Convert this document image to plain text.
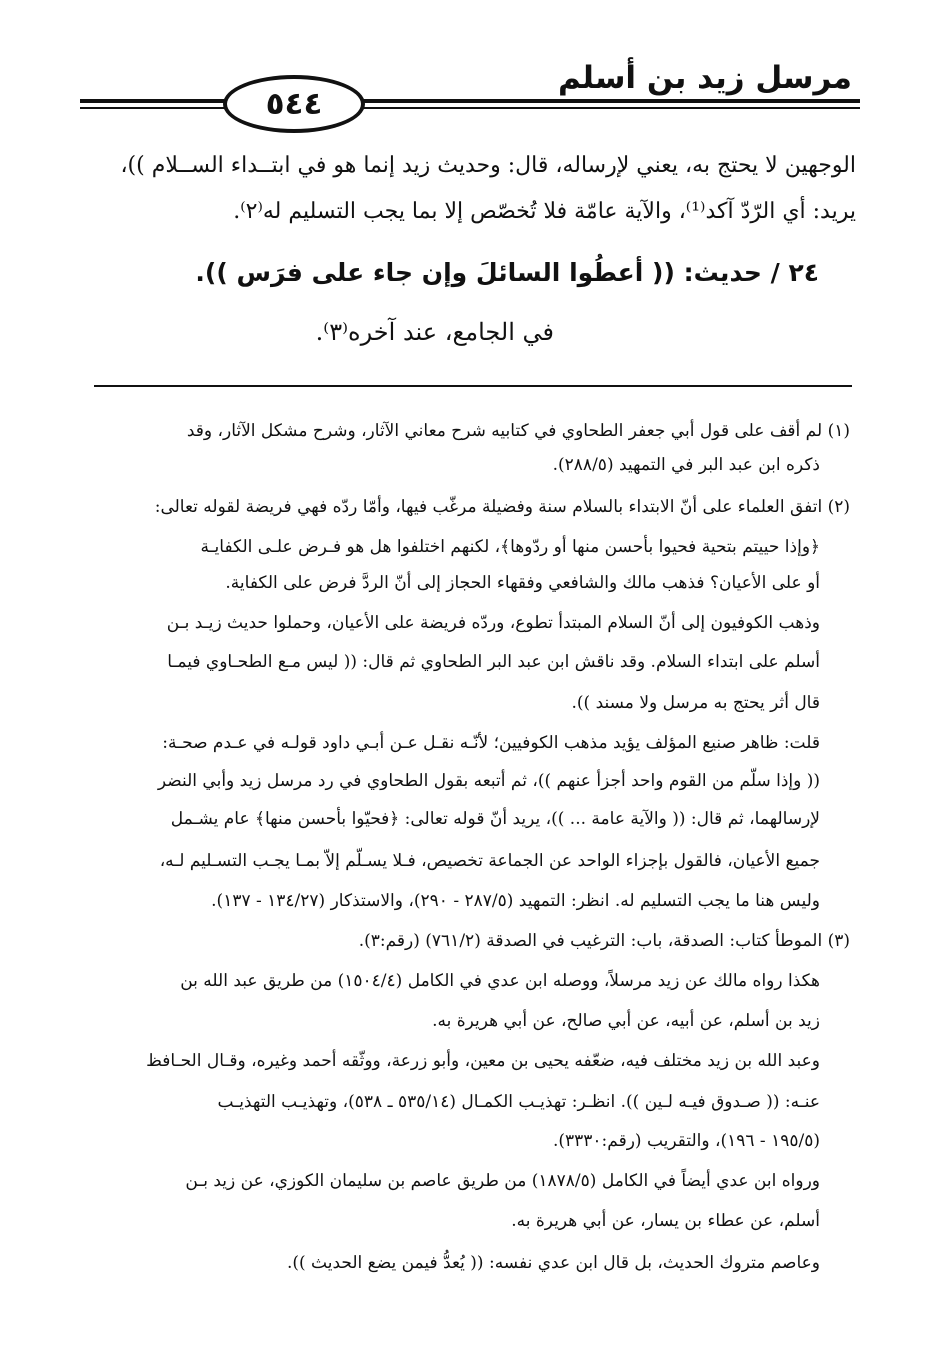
مرسل زيد بن أسلم
٥٤٤
الوجهين لا يحتج به، يعني لإرساله، قال: وحديث زيد إنما هو في ابتــداء الســلام ))،
يريد: أي الرّدّ آكد⁽¹⁾، والآية عامّة فلا تُخصّص إلا بما يجب التسليم له⁽٢⁾.
٢٤ / حديث: (( أعطُوا السائلَ وإن جاء على فرَس )).
في الجامع، عند آخره⁽٣⁾.
(١) لم أقف على قول أبي جعفر الطحاوي في كتابيه شرح معاني الآثار، وشرح مشكل الآثار، وقد
ذكره ابن عبد البر في التمهيد (٢٨٨/٥).
(٢) اتفق العلماء على أنّ الابتداء بالسلام سنة وفضيلة مرغّب فيها، وأمّا ردّه فهي فريضة لقوله تعالى:
﴿وإذا حييتم بتحية فحيوا بأحسن منها أو ردّوها﴾، لكنهم اختلفوا هل هو فـرض علـى الكفايـة
أو على الأعيان؟ فذهب مالك والشافعي وفقهاء الحجاز إلى أنّ الردَّ فرض على الكفاية.
وذهب الكوفيون إلى أنّ السلام المبتدأ تطوع، وردّه فريضة على الأعيان، وحملوا حديث زيـد بـن
أسلم على ابتداء السلام. وقد ناقش ابن عبد البر الطحاوي ثم قال: (( ليس مـع الطحـاوي فيمـا
قال أثر يحتج به مرسل ولا مسند )).
قلت: ظاهر صنيع المؤلف يؤيد مذهب الكوفيين؛ لأنّـه نقـل عـن أبـي داود قولـه في عـدم صحـة:
(( وإذا سلّم من القوم واحد أجزأ عنهم ))، ثم أتبعه بقول الطحاوي في رد مرسل زيد وأبي النضر
لإرسالهما، ثم قال: (( والآية عامة ... ))، يريد أنّ قوله تعالى: ﴿فحيّوا بأحسن منها﴾ عام يشـمل
جميع الأعيان، فالقول بإجزاء الواحد عن الجماعة تخصيص، فـلا يسـلّم إلاّ بمـا يجـب التسـليم لـه،
وليس هنا ما يجب التسليم له. انظر: التمهيد (٢٨٧/٥ - ٢٩٠)، والاستذكار (١٣٤/٢٧ - ١٣٧).
(٣) الموطأ كتاب: الصدقة، باب: الترغيب في الصدقة (٧٦١/٢) (رقم:٣).
هكذا رواه مالك عن زيد مرسلاً، ووصله ابن عدي في الكامل (١٥٠٤/٤) من طريق عبد الله بن
زيد بن أسلم، عن أبيه، عن أبي صالح، عن أبي هريرة به.
وعبد الله بن زيد مختلف فيه، ضعّفه يحيى بن معين، وأبو زرعة، ووثّقه أحمد وغيره، وقـال الحـافظ
عنـه: (( صـدوق فيـه لـين )). انظـر: تهذيـب الكمـال (٥٣٥/١٤ ـ ٥٣٨)، وتهذيـب التهذيـب
(١٩٥/٥ - ١٩٦)، والتقريب (رقم:٣٣٣٠).
ورواه ابن عدي أيضاً في الكامل (١٨٧٨/٥) من طريق عاصم بن سليمان الكوزي، عن زيد بـن
أسلم، عن عطاء بن يسار، عن أبي هريرة به.
وعاصم متروك الحديث، بل قال ابن عدي نفسه: (( يُعدُّ فيمن يضع الحديث )).
